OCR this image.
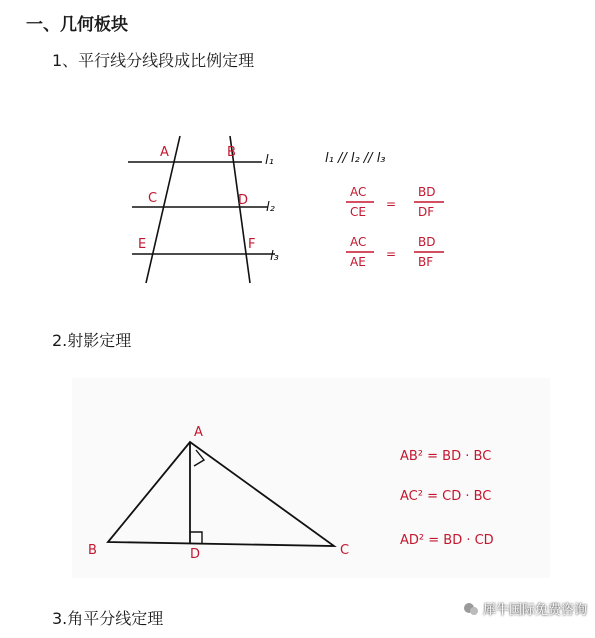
一、几何板块
1、平行线分线段成比例定理
2.射影定理
3.角平分线定理
A	B
C	D
E	F
l₁
l₂
l₃
l₁ // l₂ // l₃
AC
CE
=
BD
DF
AC
AE
=
BD
BF
A
B	C
D
AB² = BD · BC
AC² = CD · BC
AD² = BD · CD
犀牛国际免费咨询
